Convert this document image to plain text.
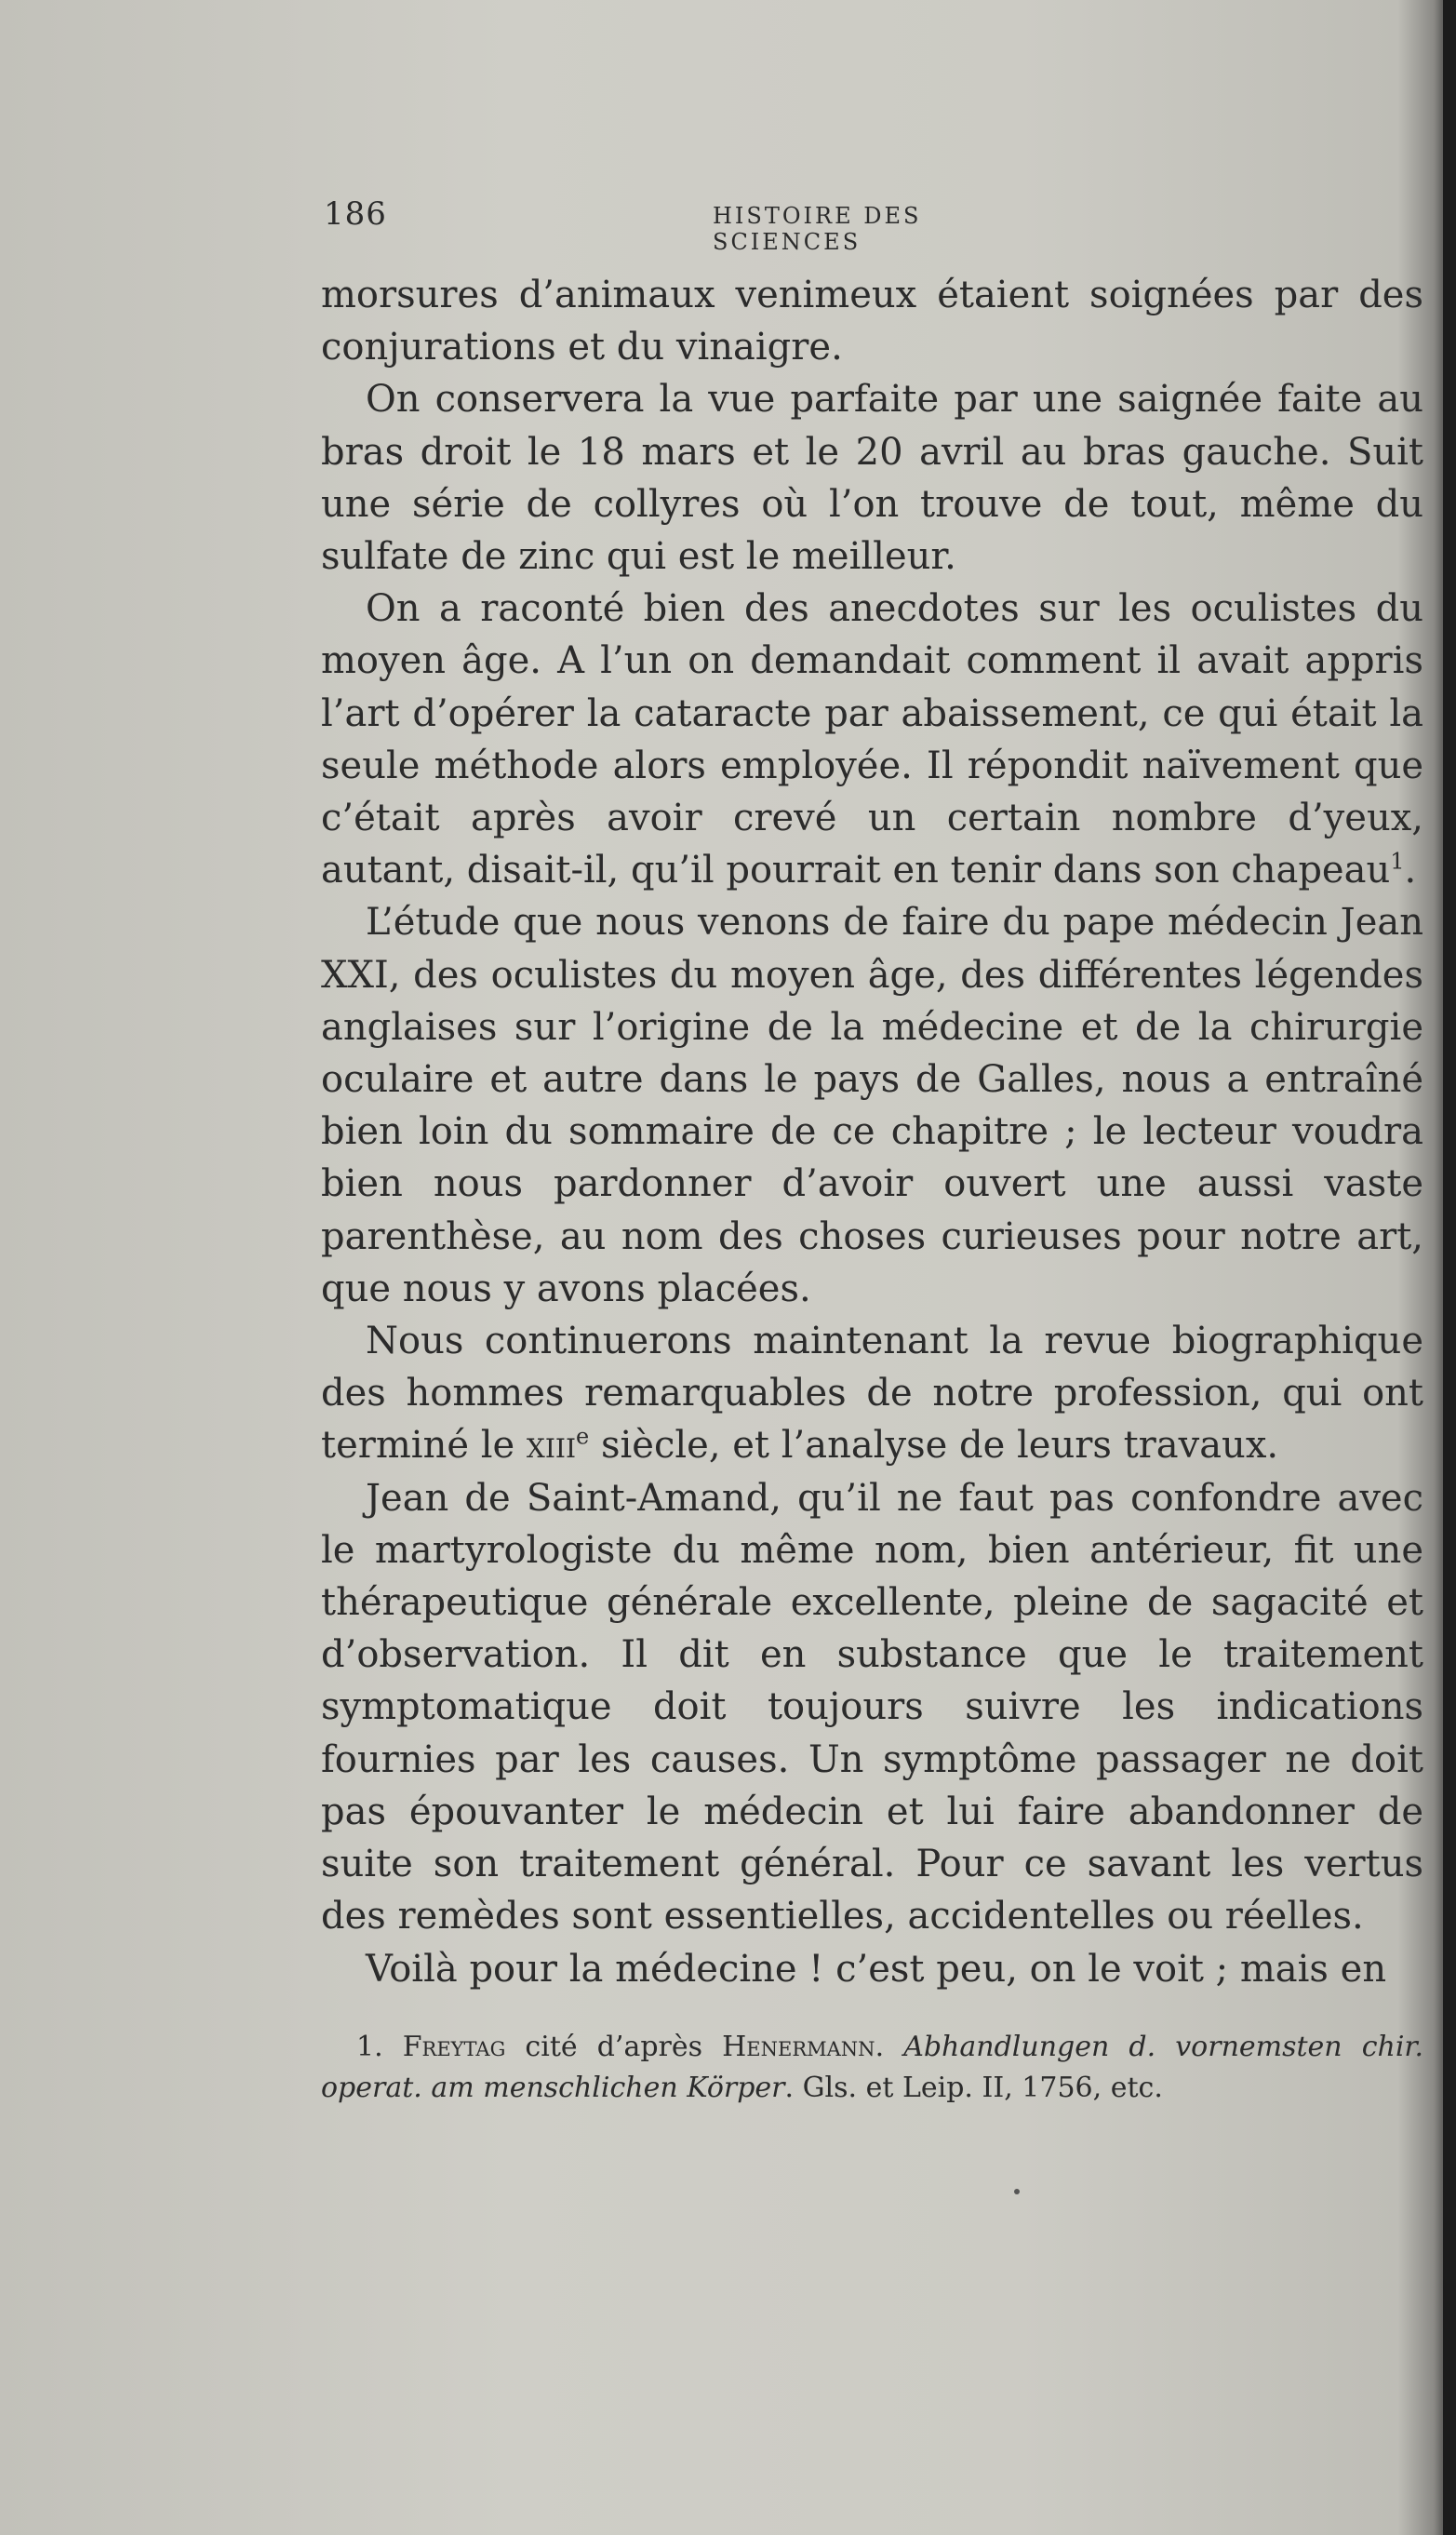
186	HISTOIRE DES SCIENCES

morsures d’animaux venimeux étaient soignées par des conjurations et du vinaigre.

On conservera la vue parfaite par une saignée faite au bras droit le 18 mars et le 20 avril au bras gauche. Suit une série de collyres où l’on trouve de tout, même du sulfate de zinc qui est le meilleur.

On a raconté bien des anecdotes sur les oculistes du moyen âge. A l’un on demandait comment il avait appris l’art d’opérer la cataracte par abaissement, ce qui était la seule méthode alors employée. Il répondit naïvement que c’était après avoir crevé un certain nombre d’yeux, autant, disait-il, qu’il pourrait en tenir dans son chapeau$^1$.

L’étude que nous venons de faire du pape médecin Jean XXI, des oculistes du moyen âge, des différentes légendes anglaises sur l’origine de la médecine et de la chirurgie oculaire et autre dans le pays de Galles, nous a entraîné bien loin du sommaire de ce chapitre ; le lecteur voudra bien nous pardonner d’avoir ouvert une aussi vaste parenthèse, au nom des choses curieuses pour notre art, que nous y avons placées.

Nous continuerons maintenant la revue biographique des hommes remarquables de notre profession, qui ont terminé le xiii$^e$ siècle, et l’analyse de leurs travaux.

Jean de Saint-Amand, qu’il ne faut pas confondre avec le martyrologiste du même nom, bien antérieur, fit une thérapeutique générale excellente, pleine de sagacité et d’observation. Il dit en substance que le traitement symptomatique doit toujours suivre les indications fournies par les causes. Un symptôme passager ne doit pas épouvanter le médecin et lui faire abandonner de suite son traitement général. Pour ce savant les vertus des remèdes sont essentielles, accidentelles ou réelles.

Voilà pour la médecine ! c’est peu, on le voit ; mais en

1. Freytag cité d’après Henermann. Abhandlungen d. vornemsten chir. operat. am menschlichen Körper. Gls. et Leip. II, 1756, etc.
